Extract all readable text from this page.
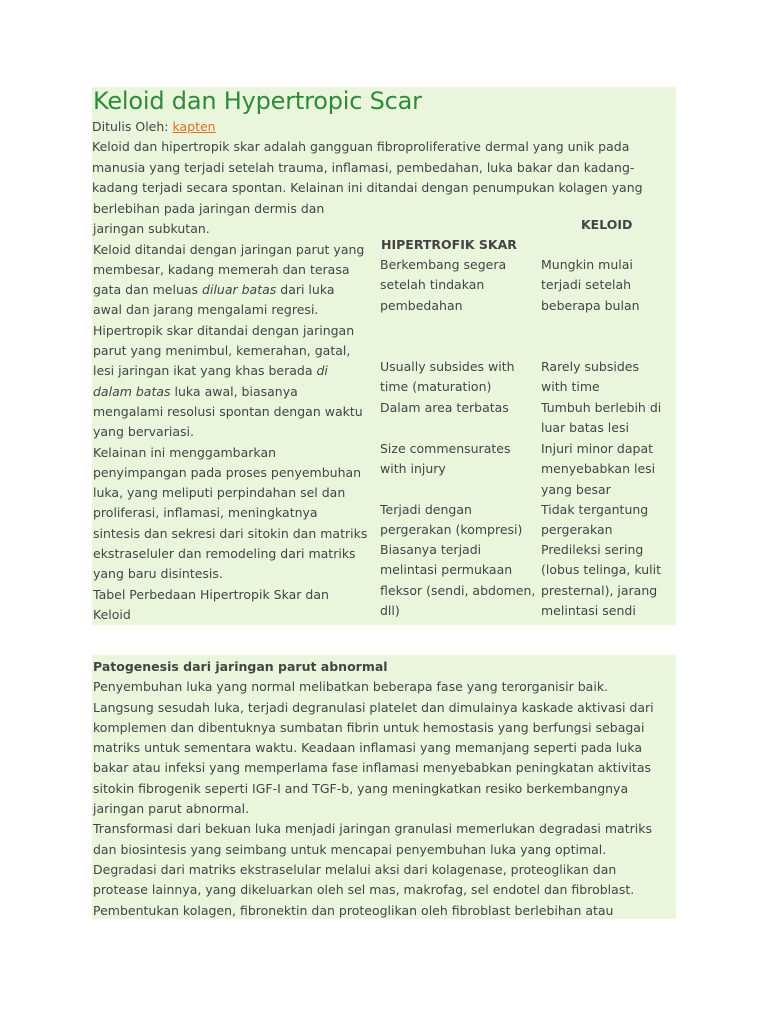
Keloid dan Hypertropic Scar
Ditulis Oleh: kapten
Keloid dan hipertropik skar adalah gangguan fibroproliferative dermal yang unik pada
manusia yang terjadi setelah trauma, inflamasi, pembedahan, luka bakar dan kadang-
kadang terjadi secara spontan. Kelainan ini ditandai dengan penumpukan kolagen yang
berlebihan pada jaringan dermis dan
jaringan subkutan.
Keloid ditandai dengan jaringan parut yang
membesar, kadang memerah dan terasa
gata dan meluas diluar batas dari luka
awal dan jarang mengalami regresi.
Hipertropik skar ditandai dengan jaringan
parut yang menimbul, kemerahan, gatal,
lesi jaringan ikat yang khas berada di
dalam batas luka awal, biasanya
mengalami resolusi spontan dengan waktu
yang bervariasi.
Kelainan ini menggambarkan
penyimpangan pada proses penyembuhan
luka, yang meliputi perpindahan sel dan
proliferasi, inflamasi, meningkatnya
sintesis dan sekresi dari sitokin dan matriks
ekstraseluler dan remodeling dari matriks
yang baru disintesis.
Tabel Perbedaan Hipertropik Skar dan
Keloid
KELOID
HIPERTROFIK SKAR
Berkembang segera
setelah tindakan
pembedahan
Mungkin mulai
terjadi setelah
beberapa bulan
Usually subsides with
time (maturation)
Rarely subsides
with time
Dalam area terbatas	Tumbuh berlebih di
luar batas lesi
Size commensurates
with injury
Injuri minor dapat
menyebabkan lesi
yang besar
Terjadi dengan
pergerakan (kompresi)
Tidak tergantung
pergerakan
Biasanya terjadi
melintasi permukaan
fleksor (sendi, abdomen,
dll)
Predileksi sering
(lobus telinga, kulit
presternal), jarang
melintasi sendi
Patogenesis dari jaringan parut abnormal
Penyembuhan luka yang normal melibatkan beberapa fase yang terorganisir baik.
Langsung sesudah luka, terjadi degranulasi platelet dan dimulainya kaskade aktivasi dari
komplemen dan dibentuknya sumbatan fibrin untuk hemostasis yang berfungsi sebagai
matriks untuk sementara waktu. Keadaan inflamasi yang memanjang seperti pada luka
bakar atau infeksi yang memperlama fase inflamasi menyebabkan peningkatan aktivitas
sitokin fibrogenik seperti IGF-I and TGF-b, yang meningkatkan resiko berkembangnya
jaringan parut abnormal.
Transformasi dari bekuan luka menjadi jaringan granulasi memerlukan degradasi matriks
dan biosintesis yang seimbang untuk mencapai penyembuhan luka yang optimal.
Degradasi dari matriks ekstraselular melalui aksi dari kolagenase, proteoglikan dan
protease lainnya, yang dikeluarkan oleh sel mas, makrofag, sel endotel dan fibroblast.
Pembentukan kolagen, fibronektin dan proteoglikan oleh fibroblast berlebihan atau
